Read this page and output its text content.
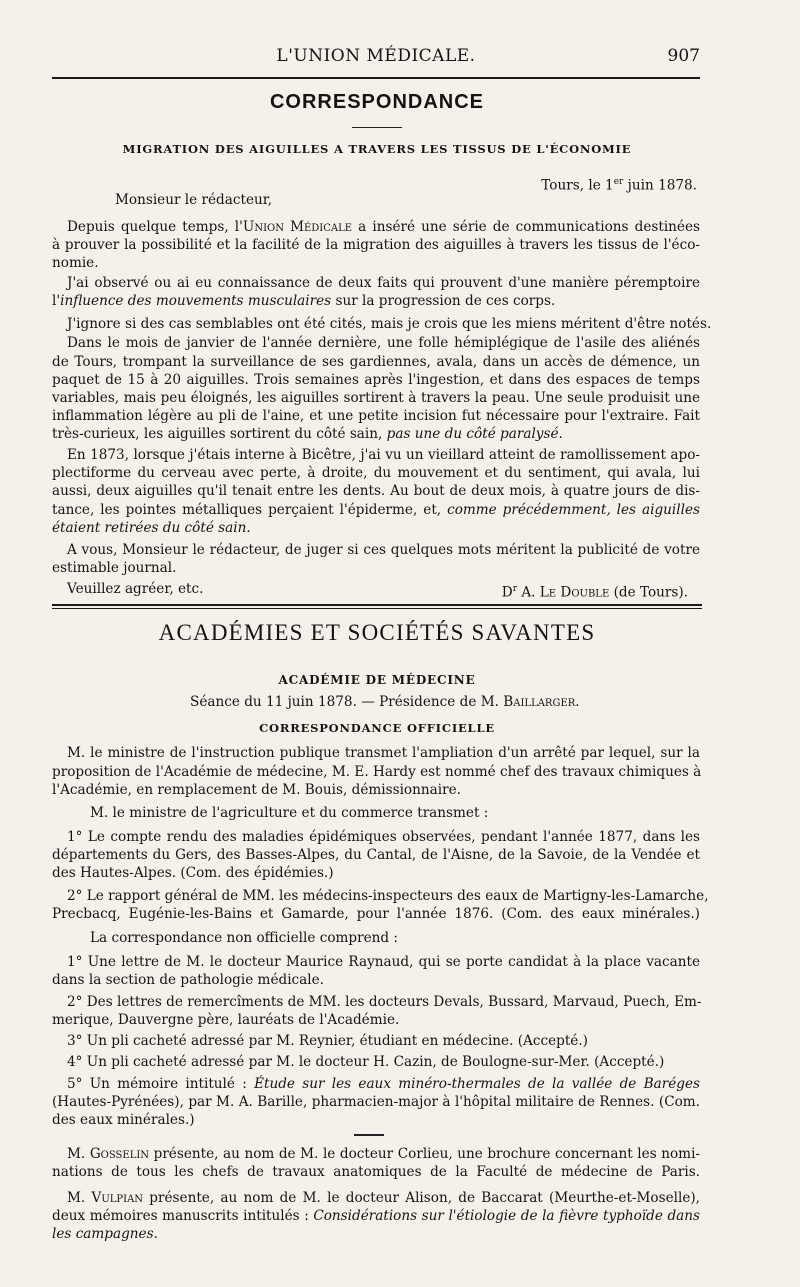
L'UNION MÉDICALE.	907
CORRESPONDANCE
MIGRATION DES AIGUILLES A TRAVERS LES TISSUS DE L'ÉCONOMIE
Tours, le 1er juin 1878.
Monsieur le rédacteur,
Depuis quelque temps, l'Union Médicale a inséré une série de communications destinées
à prouver la possibilité et la facilité de la migration des aiguilles à travers les tissus de l'éco-
nomie.
J'ai observé ou ai eu connaissance de deux faits qui prouvent d'une manière péremptoire
l'influence des mouvements musculaires sur la progression de ces corps.
J'ignore si des cas semblables ont été cités, mais je crois que les miens méritent d'être notés.
Dans le mois de janvier de l'année dernière, une folle hémiplégique de l'asile des aliénés
de Tours, trompant la surveillance de ses gardiennes, avala, dans un accès de démence, un
paquet de 15 à 20 aiguilles. Trois semaines après l'ingestion, et dans des espaces de temps
variables, mais peu éloignés, les aiguilles sortirent à travers la peau. Une seule produisit une
inflammation légère au pli de l'aine, et une petite incision fut nécessaire pour l'extraire. Fait
très-curieux, les aiguilles sortirent du côté sain, pas une du côté paralysé.
En 1873, lorsque j'étais interne à Bicêtre, j'ai vu un vieillard atteint de ramollissement apo-
plectiforme du cerveau avec perte, à droite, du mouvement et du sentiment, qui avala, lui
aussi, deux aiguilles qu'il tenait entre les dents. Au bout de deux mois, à quatre jours de dis-
tance, les pointes métalliques perçaient l'épiderme, et, comme précédemment, les aiguilles
étaient retirées du côté sain.
A vous, Monsieur le rédacteur, de juger si ces quelques mots méritent la publicité de votre
estimable journal.
Veuillez agréer, etc.	$D^r$ A. Le Double (de Tours).
ACADÉMIES ET SOCIÉTÉS SAVANTES
ACADÉMIE DE MÉDECINE
Séance du 11 juin 1878. — Présidence de M. Baillarger.
CORRESPONDANCE OFFICIELLE
M. le ministre de l'instruction publique transmet l'ampliation d'un arrêté par lequel, sur la
proposition de l'Académie de médecine, M. E. Hardy est nommé chef des travaux chimiques à
l'Académie, en remplacement de M. Bouis, démissionnaire.
M. le ministre de l'agriculture et du commerce transmet :
1° Le compte rendu des maladies épidémiques observées, pendant l'année 1877, dans les
départements du Gers, des Basses-Alpes, du Cantal, de l'Aisne, de la Savoie, de la Vendée et
des Hautes-Alpes. (Com. des épidémies.)
2° Le rapport général de MM. les médecins-inspecteurs des eaux de Martigny-les-Lamarche,
Precbacq, Eugénie-les-Bains et Gamarde, pour l'année 1876. (Com. des eaux minérales.)
La correspondance non officielle comprend :
1° Une lettre de M. le docteur Maurice Raynaud, qui se porte candidat à la place vacante
dans la section de pathologie médicale.
2° Des lettres de remercîments de MM. les docteurs Devals, Bussard, Marvaud, Puech, Em-
merique, Dauvergne père, lauréats de l'Académie.
3° Un pli cacheté adressé par M. Reynier, étudiant en médecine. (Accepté.)
4° Un pli cacheté adressé par M. le docteur H. Cazin, de Boulogne-sur-Mer. (Accepté.)
5° Un mémoire intitulé : Étude sur les eaux minéro-thermales de la vallée de Baréges
(Hautes-Pyrénées), par M. A. Barille, pharmacien-major à l'hôpital militaire de Rennes. (Com.
des eaux minérales.)
M. Gosselin présente, au nom de M. le docteur Corlieu, une brochure concernant les nomi-
nations de tous les chefs de travaux anatomiques de la Faculté de médecine de Paris.
M. Vulpian présente, au nom de M. le docteur Alison, de Baccarat (Meurthe-et-Moselle),
deux mémoires manuscrits intitulés : Considérations sur l'étiologie de la fièvre typhoïde dans
les campagnes.
